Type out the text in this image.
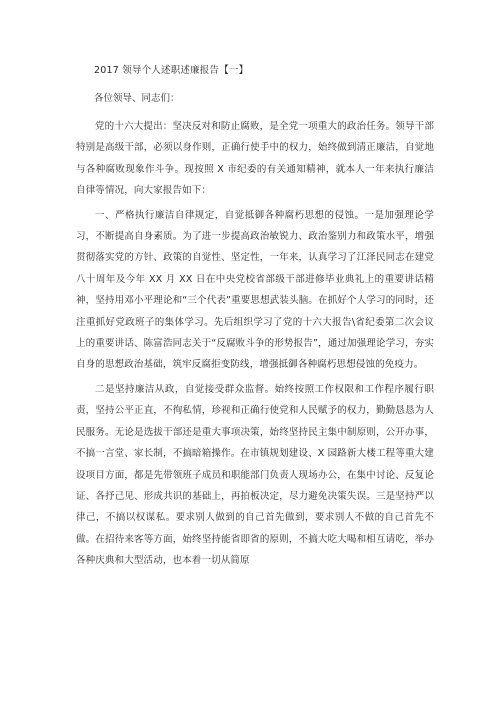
2017 领导个人述职述廉报告【一】
各位领导、同志们：

党的十六大提出：坚决反对和防止腐败，是全党一项重大的政治任务。领导干部特别是高级干部，必须以身作则，正确行使手中的权力，始终做到清正廉洁，自觉地与各种腐败现象作斗争。现按照 X 市纪委的有关通知精神，就本人一年来执行廉洁自律等情况，向大家报告如下：

一、严格执行廉洁自律规定，自觉抵御各种腐朽思想的侵蚀。一是加强理论学习，不断提高自身素质。为了进一步提高政治敏锐力、政治鉴别力和政策水平，增强贯彻落实党的方针、政策的自觉性、坚定性，一年来，认真学习了江泽民同志在建党八十周年及今年 XX 月 XX 日在中央党校省部级干部进修毕业典礼上的重要讲话精神，坚持用邓小平理论和“三个代表”重要思想武装头脑。在抓好个人学习的同时，还注重抓好党政班子的集体学习。先后组织学习了党的十六大报告\省纪委第二次会议上的重要讲话、陈富浩同志关于“反腐败斗争的形势报告”，通过加强理论学习，夯实自身的思想政治基础，筑牢反腐拒变防线，增强抵御各种腐朽思想侵蚀的免疫力。

二是坚持廉洁从政，自觉接受群众监督。始终按照工作权限和工作程序履行职责，坚持公平正直，不徇私情，珍视和正确行使党和人民赋予的权力，勤勤恳恳为人民服务。无论是选拔干部还是重大事项决策，始终坚持民主集中制原则，公开办事，不搞一言堂、家长制，不搞暗箱操作。在市镇规划建设、X 园路新大楼工程等重大建设项目方面，都是先带领班子成员和职能部门负责人现场办公，在集中讨论、反复论证、各抒己见、形成共识的基础上，再拍板决定，尽力避免决策失误。三是坚持严以律己，不搞以权谋私。要求别人做到的自己首先做到，要求别人不做的自己首先不做。在招待来客等方面，始终坚持能省即省的原则，不搞大吃大喝和相互请吃，举办各种庆典和大型活动，也本着一切从简原
